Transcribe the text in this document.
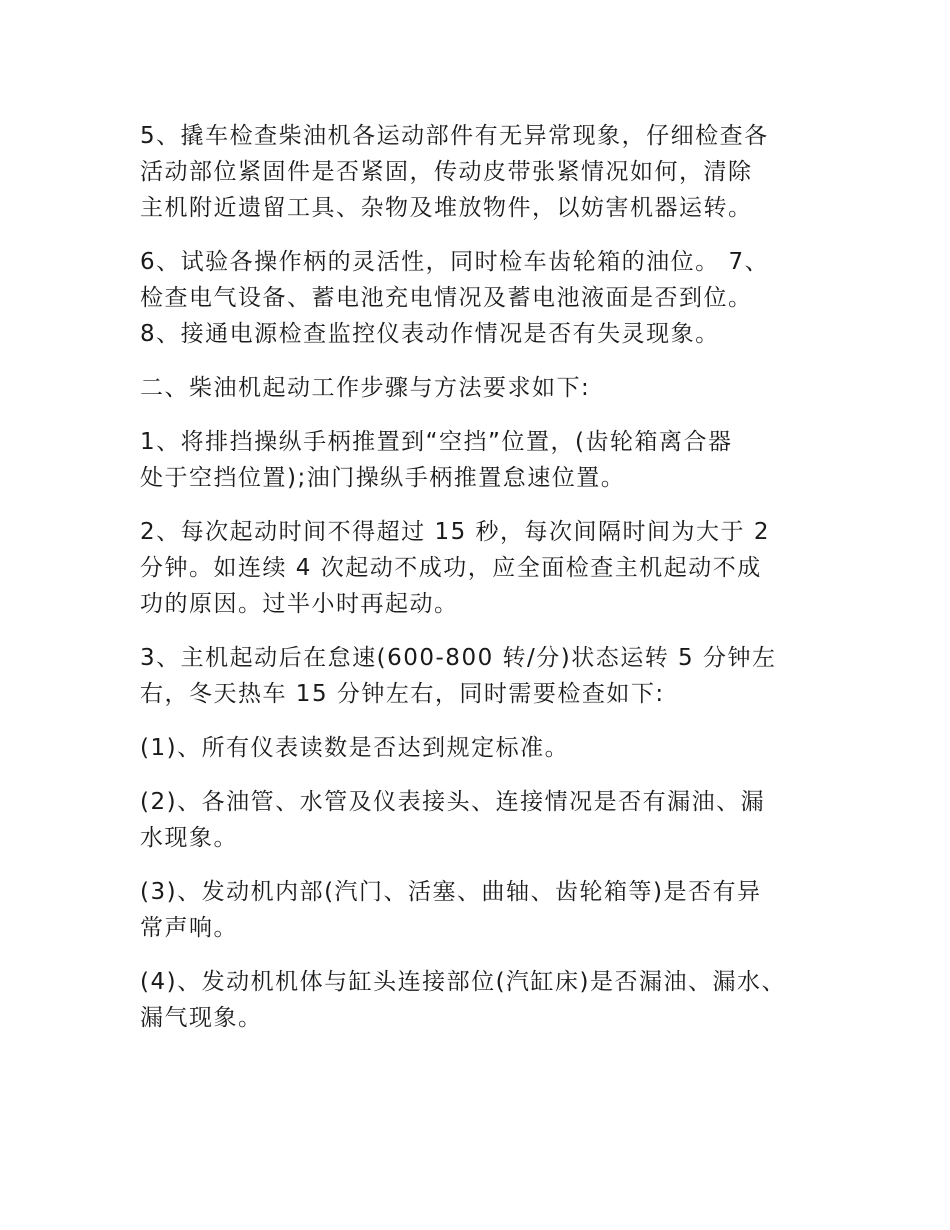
5、撬车检查柴油机各运动部件有无异常现象，仔细检查各
活动部位紧固件是否紧固，传动皮带张紧情况如何，清除
主机附近遗留工具、杂物及堆放物件，以妨害机器运转。

6、试验各操作柄的灵活性，同时检车齿轮箱的油位。 7、
检查电气设备、蓄电池充电情况及蓄电池液面是否到位。
8、接通电源检查监控仪表动作情况是否有失灵现象。

二、柴油机起动工作步骤与方法要求如下:

1、将排挡操纵手柄推置到“空挡”位置，(齿轮箱离合器
处于空挡位置);油门操纵手柄推置怠速位置。

2、每次起动时间不得超过 15 秒，每次间隔时间为大于 2
分钟。如连续 4 次起动不成功，应全面检查主机起动不成
功的原因。过半小时再起动。

3、主机起动后在怠速(600-800 转/分)状态运转 5 分钟左
右，冬天热车 15 分钟左右，同时需要检查如下:

(1)、所有仪表读数是否达到规定标准。

(2)、各油管、水管及仪表接头、连接情况是否有漏油、漏
水现象。

(3)、发动机内部(汽门、活塞、曲轴、齿轮箱等)是否有异
常声响。

(4)、发动机机体与缸头连接部位(汽缸床)是否漏油、漏水、
漏气现象。
